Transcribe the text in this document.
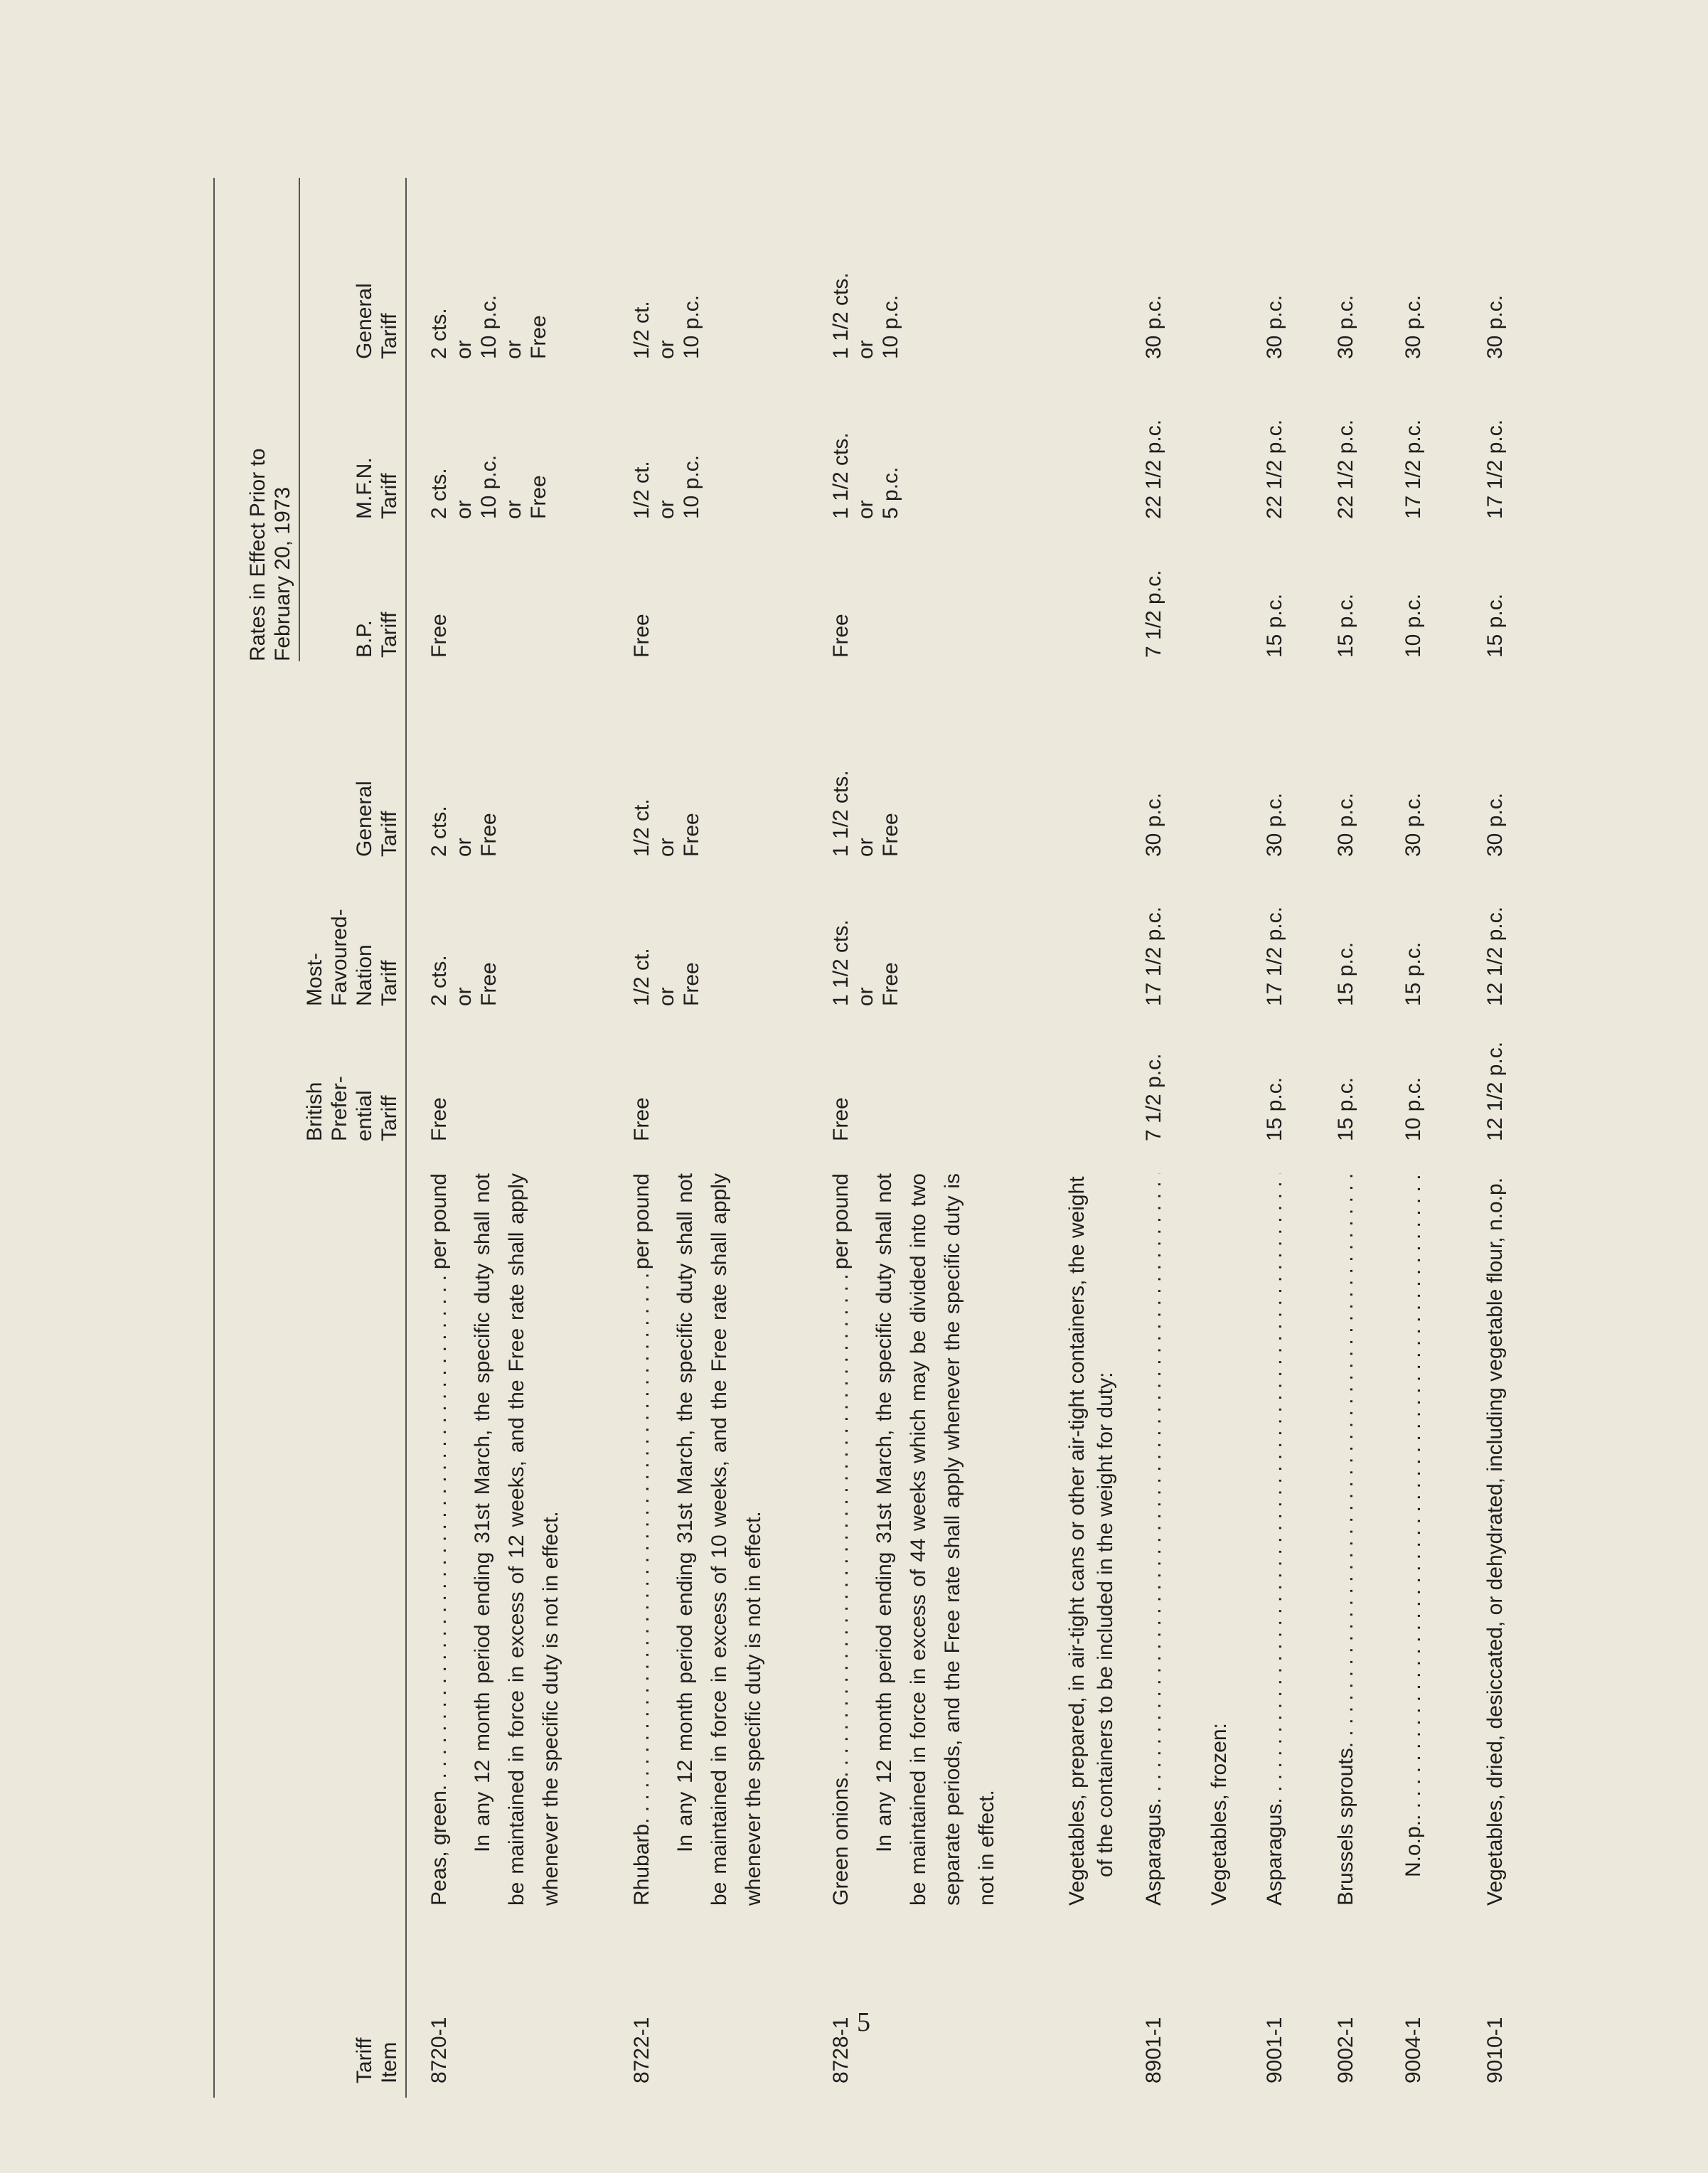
5
Tariff Item
British Prefer- ential Tariff
Most- Favoured- Nation Tariff
General Tariff
Rates in Effect Prior to February 20, 1973	B.P. Tariff
M.F.N. Tariff
General Tariff
8720-1
Peas, green
. . .
per pound In any 12 month period ending 31st March, the specific duty shall not be maintained in force in excess of 12 weeks, and the Free rate shall apply whenever the specific duty is not in effect.
Free
2 cts. or Free
2 cts. or Free
Free
2 cts. or 10 p.c. or Free
2 cts. or 10 p.c. or Free
8722-1
Rhubarb
. . .
per pound In any 12 month period ending 31st March, the specific duty shall not be maintained in force in excess of 10 weeks, and the Free rate shall apply whenever the specific duty is not in effect.
Free
1/2 ct. or Free
1/2 ct. or Free
Free
1/2 ct. or 10 p.c.
1/2 ct. or 10 p.c.
8728-1
Green onions
. . .
per pound In any 12 month period ending 31st March, the specific duty shall not be maintained in force in excess of 44 weeks which may be divided into two separate periods, and the Free rate shall apply whenever the specific duty is not in effect.
Free
1 1/2 cts. or Free
1 1/2 cts. or Free
Free
1 1/2 cts. or 5 p.c.
1 1/2 cts. or 10 p.c.
Vegetables, prepared, in air-tight cans or other air-tight containers, the weight of the containers to be included in the weight for duty:
8901-1
Asparagus
. . .
7 1/2 p.c.
17 1/2 p.c.
30 p.c.
7 1/2 p.c.
22 1/2 p.c.
30 p.c.
Vegetables, frozen:
9001-1
Asparagus
. . .
15 p.c.
17 1/2 p.c.
30 p.c.
15 p.c.
22 1/2 p.c.
30 p.c.
9002-1
Brussels sprouts
. . .
15 p.c.
15 p.c.
30 p.c.
15 p.c.
22 1/2 p.c.
30 p.c.
9004-1
N.o.p.
. . .
10 p.c.
15 p.c.
30 p.c.
10 p.c.
17 1/2 p.c.
30 p.c.
9010-1
Vegetables, dried, desiccated, or dehydrated, including vegetable flour, n.o.p.
12 1/2 p.c.
12 1/2 p.c.
30 p.c.
15 p.c.
17 1/2 p.c.
30 p.c.
